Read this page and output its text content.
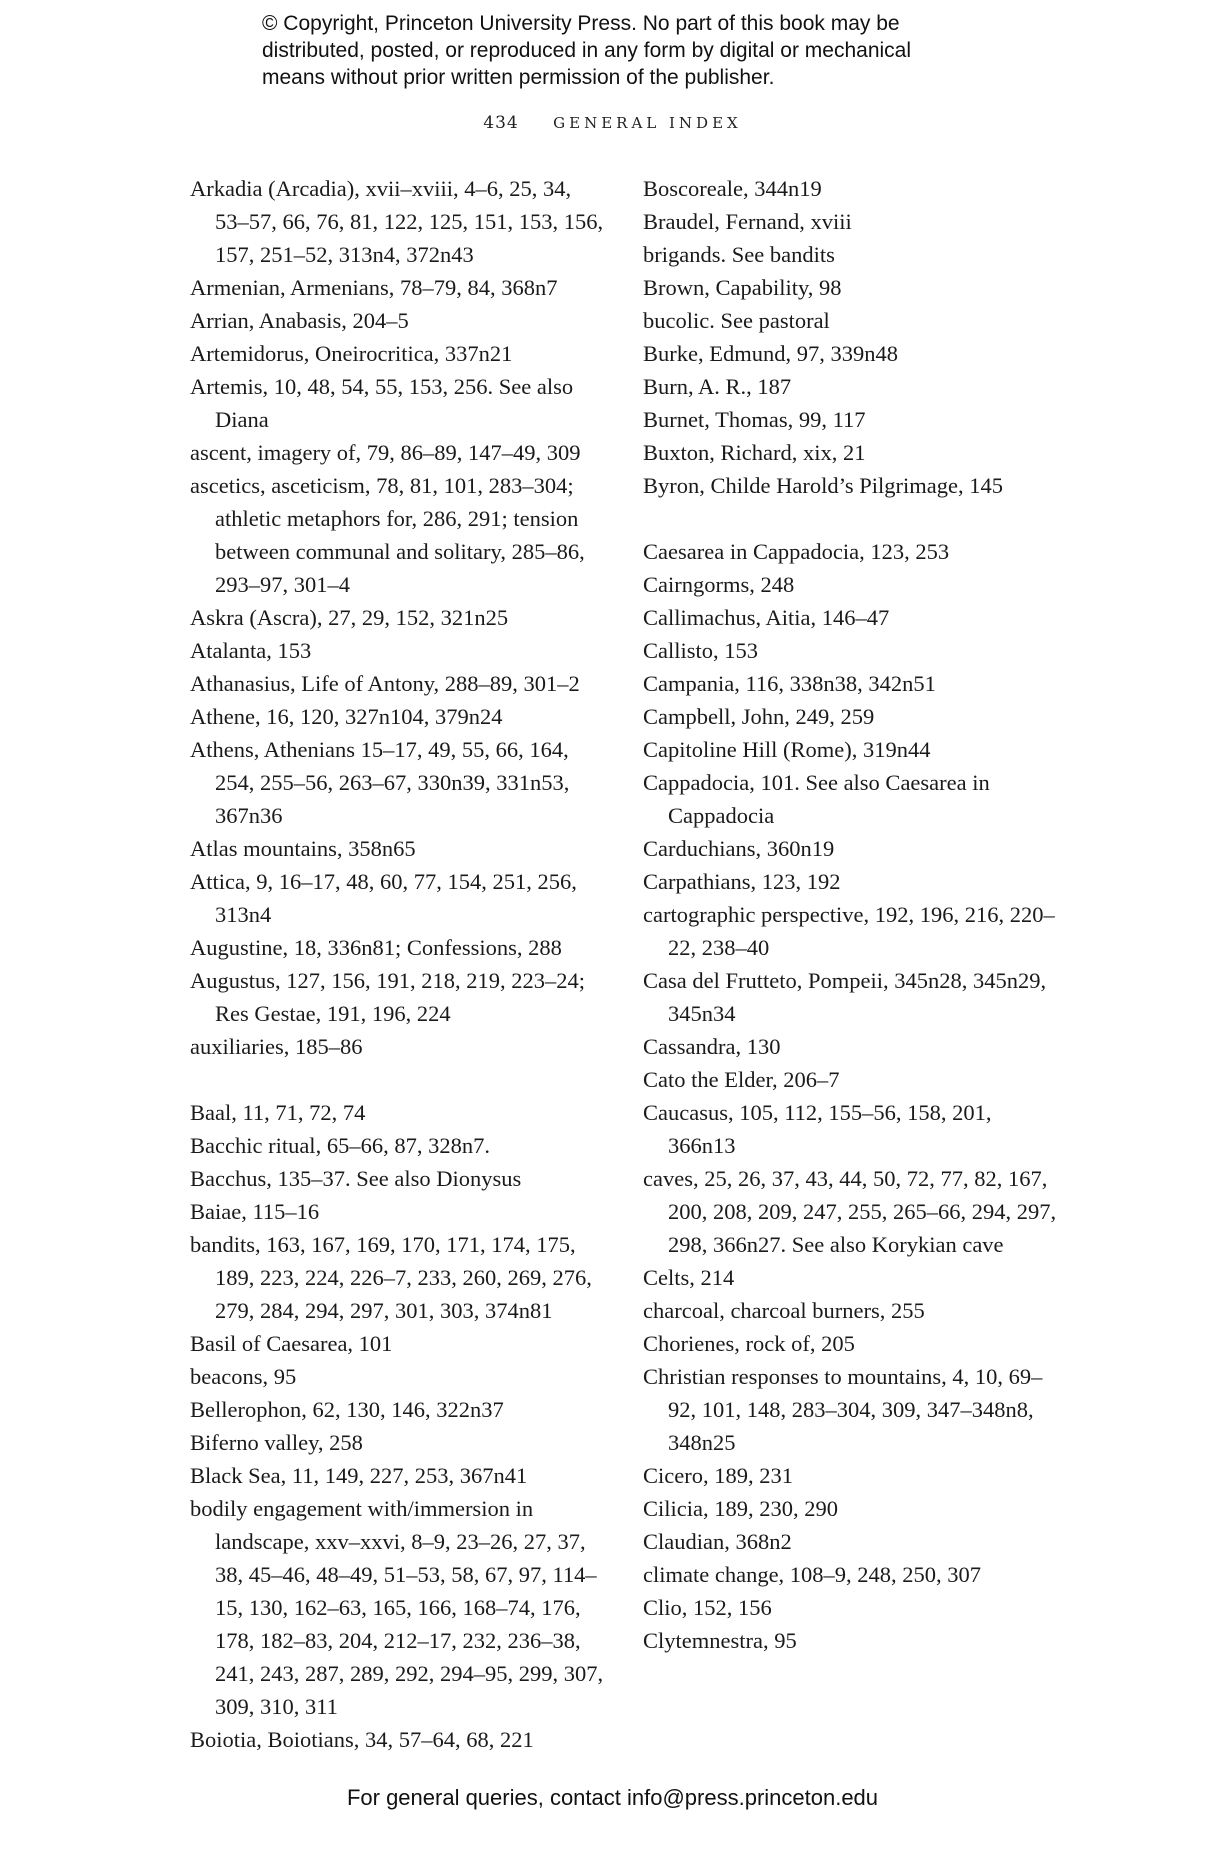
© Copyright, Princeton University Press. No part of this book may be
distributed, posted, or reproduced in any form by digital or mechanical
means without prior written permission of the publisher.
434 GENERAL INDEX

Arkadia (Arcadia), xvii–xviii, 4–6, 25, 34, 53–57, 66, 76, 81, 122, 125, 151, 153, 156, 157, 251–52, 313n4, 372n43

Armenian, Armenians, 78–79, 84, 368n7

Arrian, Anabasis, 204–5

Artemidorus, Oneirocritica, 337n21

Artemis, 10, 48, 54, 55, 153, 256. See also Diana

ascent, imagery of, 79, 86–89, 147–49, 309

ascetics, asceticism, 78, 81, 101, 283–304; athletic metaphors for, 286, 291; tension between communal and solitary, 285–86, 293–97, 301–4

Askra (Ascra), 27, 29, 152, 321n25

Atalanta, 153

Athanasius, Life of Antony, 288–89, 301–2

Athene, 16, 120, 327n104, 379n24

Athens, Athenians 15–17, 49, 55, 66, 164, 254, 255–56, 263–67, 330n39, 331n53, 367n36

Atlas mountains, 358n65

Attica, 9, 16–17, 48, 60, 77, 154, 251, 256, 313n4

Augustine, 18, 336n81; Confessions, 288

Augustus, 127, 156, 191, 218, 219, 223–24; Res Gestae, 191, 196, 224

auxiliaries, 185–86

Baal, 11, 71, 72, 74

Bacchic ritual, 65–66, 87, 328n7.

Bacchus, 135–37. See also Dionysus

Baiae, 115–16

bandits, 163, 167, 169, 170, 171, 174, 175, 189, 223, 224, 226–7, 233, 260, 269, 276, 279, 284, 294, 297, 301, 303, 374n81

Basil of Caesarea, 101

beacons, 95

Bellerophon, 62, 130, 146, 322n37

Biferno valley, 258

Black Sea, 11, 149, 227, 253, 367n41

bodily engagement with/immersion in landscape, xxv–xxvi, 8–9, 23–26, 27, 37, 38, 45–46, 48–49, 51–53, 58, 67, 97, 114–15, 130, 162–63, 165, 166, 168–74, 176, 178, 182–83, 204, 212–17, 232, 236–38, 241, 243, 287, 289, 292, 294–95, 299, 307, 309, 310, 311

Boiotia, Boiotians, 34, 57–64, 68, 221

Boscoreale, 344n19

Braudel, Fernand, xviii

brigands. See bandits

Brown, Capability, 98

bucolic. See pastoral

Burke, Edmund, 97, 339n48

Burn, A. R., 187

Burnet, Thomas, 99, 117

Buxton, Richard, xix, 21

Byron, Childe Harold’s Pilgrimage, 145

Caesarea in Cappadocia, 123, 253

Cairngorms, 248

Callimachus, Aitia, 146–47

Callisto, 153

Campania, 116, 338n38, 342n51

Campbell, John, 249, 259

Capitoline Hill (Rome), 319n44

Cappadocia, 101. See also Caesarea in Cappadocia

Carduchians, 360n19

Carpathians, 123, 192

cartographic perspective, 192, 196, 216, 220–22, 238–40

Casa del Frutteto, Pompeii, 345n28, 345n29, 345n34

Cassandra, 130

Cato the Elder, 206–7

Caucasus, 105, 112, 155–56, 158, 201, 366n13

caves, 25, 26, 37, 43, 44, 50, 72, 77, 82, 167, 200, 208, 209, 247, 255, 265–66, 294, 297, 298, 366n27. See also Korykian cave

Celts, 214

charcoal, charcoal burners, 255

Chorienes, rock of, 205

Christian responses to mountains, 4, 10, 69–92, 101, 148, 283–304, 309, 347–348n8, 348n25

Cicero, 189, 231

Cilicia, 189, 230, 290

Claudian, 368n2

climate change, 108–9, 248, 250, 307

Clio, 152, 156

Clytemnestra, 95

For general queries, contact info@press.princeton.edu
